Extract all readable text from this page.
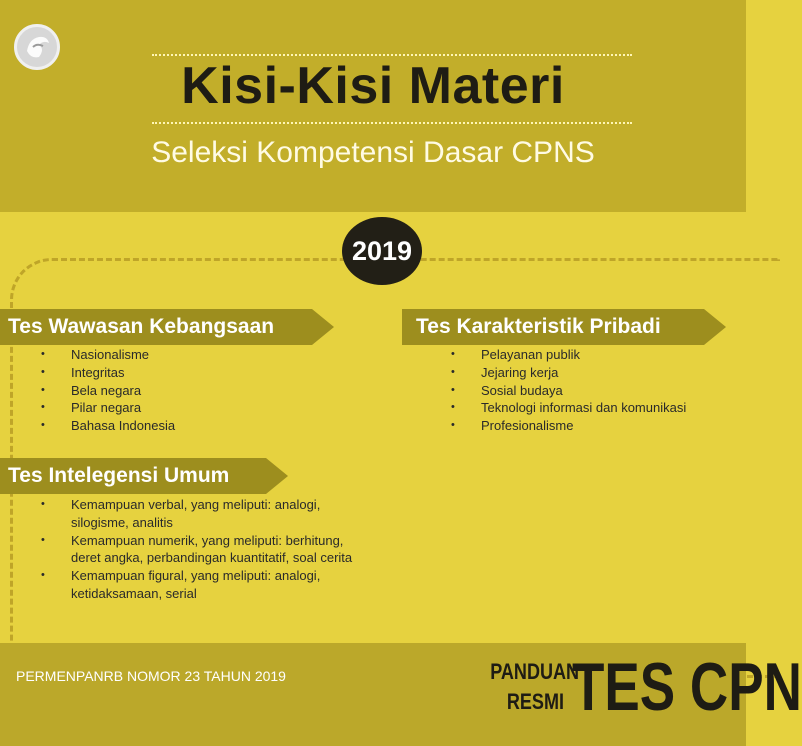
Kisi-Kisi Materi
Seleksi Kompetensi Dasar CPNS
2019
Tes Wawasan Kebangsaan
• Nasionalisme
• Integritas
• Bela negara
• Pilar negara
• Bahasa Indonesia
Tes Karakteristik Pribadi
• Pelayanan publik
• Jejaring kerja
• Sosial budaya
• Teknologi informasi dan komunikasi
• Profesionalisme
Tes Intelegensi Umum
• Kemampuan verbal, yang meliputi: analogi, silogisme, analitis
• Kemampuan numerik, yang meliputi: berhitung, deret angka, perbandingan kuantitatif, soal cerita
• Kemampuan figural, yang meliputi: analogi, ketidaksamaan, serial
PERMENPANRB NOMOR 23 TAHUN 2019	PANDUAN
RESMI TES CPN
